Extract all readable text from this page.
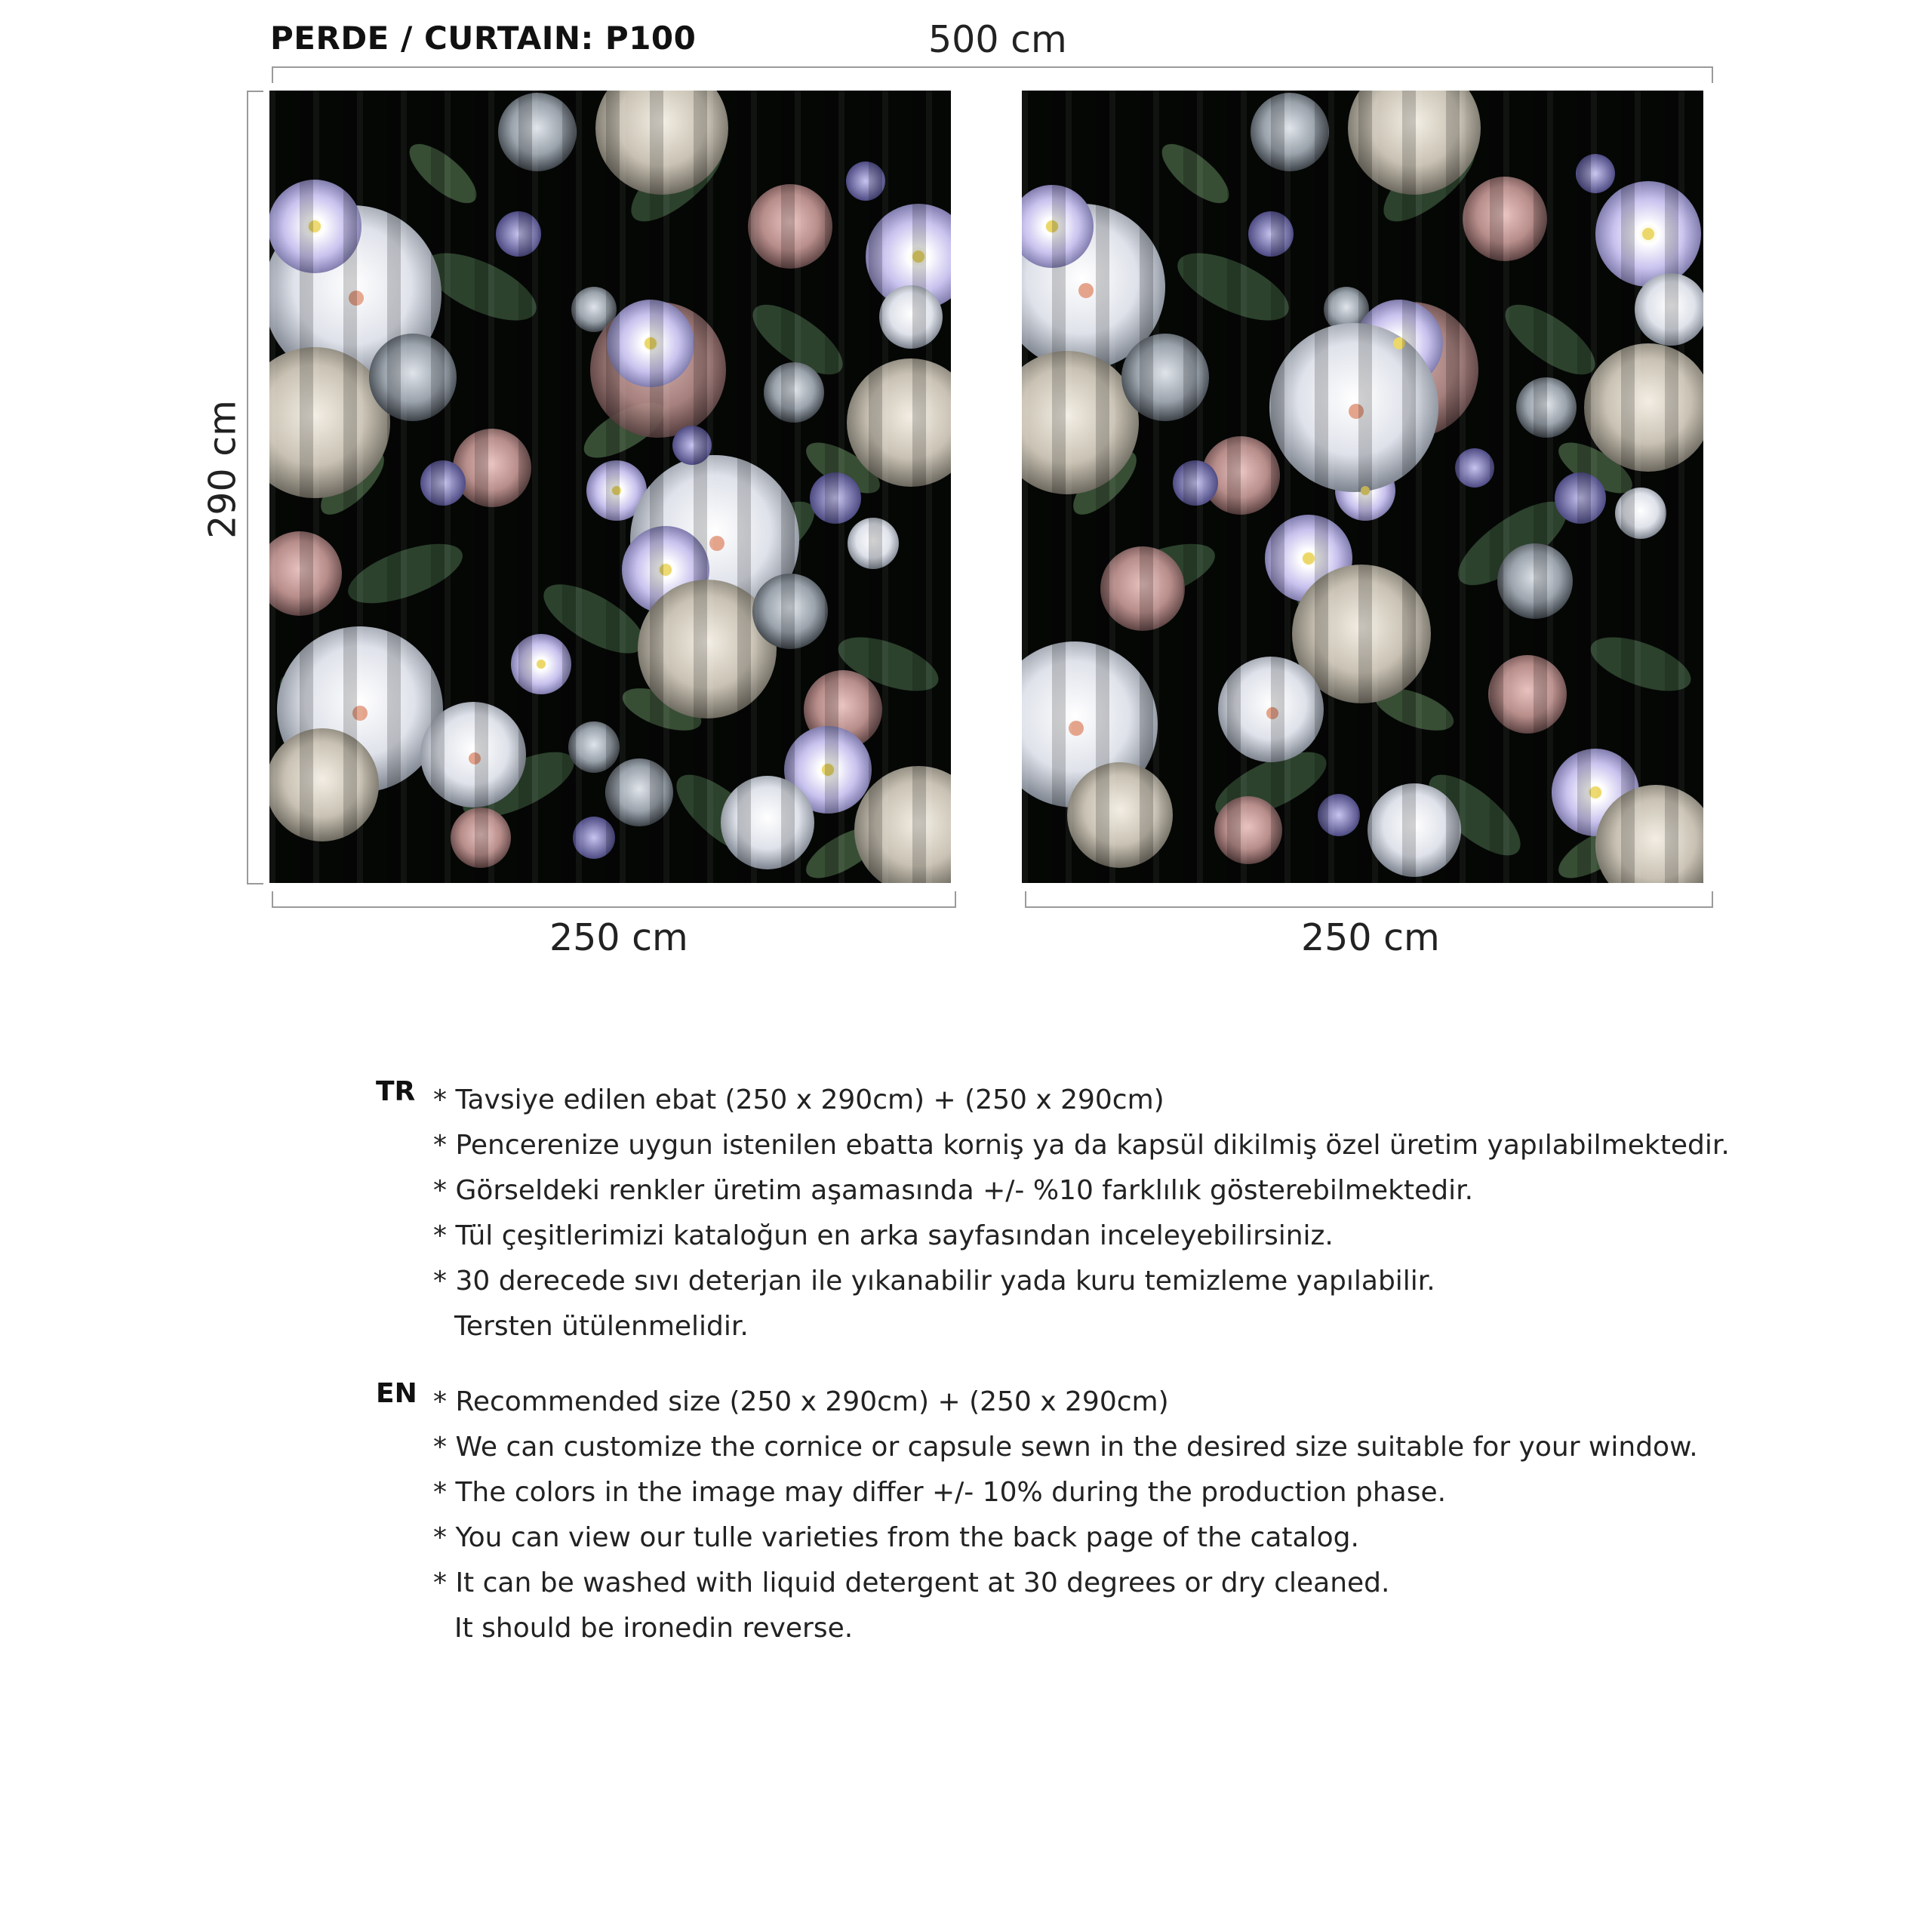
PERDE / CURTAIN: P100	500 cm
290 cm
250 cm	250 cm
TR * Tavsiye edilen ebat (250 x 290cm) + (250 x 290cm)
* Pencerenize uygun istenilen ebatta korniş ya da kapsül dikilmiş özel üretim yapılabilmektedir.
* Görseldeki renkler üretim aşamasında +/- %10 farklılık gösterebilmektedir.
* Tül çeşitlerimizi kataloğun en arka sayfasından inceleyebilirsiniz.
* 30 derecede sıvı deterjan ile yıkanabilir yada kuru temizleme yapılabilir.
Tersten ütülenmelidir.
EN * Recommended size (250 x 290cm) + (250 x 290cm)
* We can customize the cornice or capsule sewn in the desired size suitable for your window.
* The colors in the image may differ +/- 10% during the production phase.
* You can view our tulle varieties from the back page of the catalog.
* It can be washed with liquid detergent at 30 degrees or dry cleaned.
It should be ironedin reverse.
